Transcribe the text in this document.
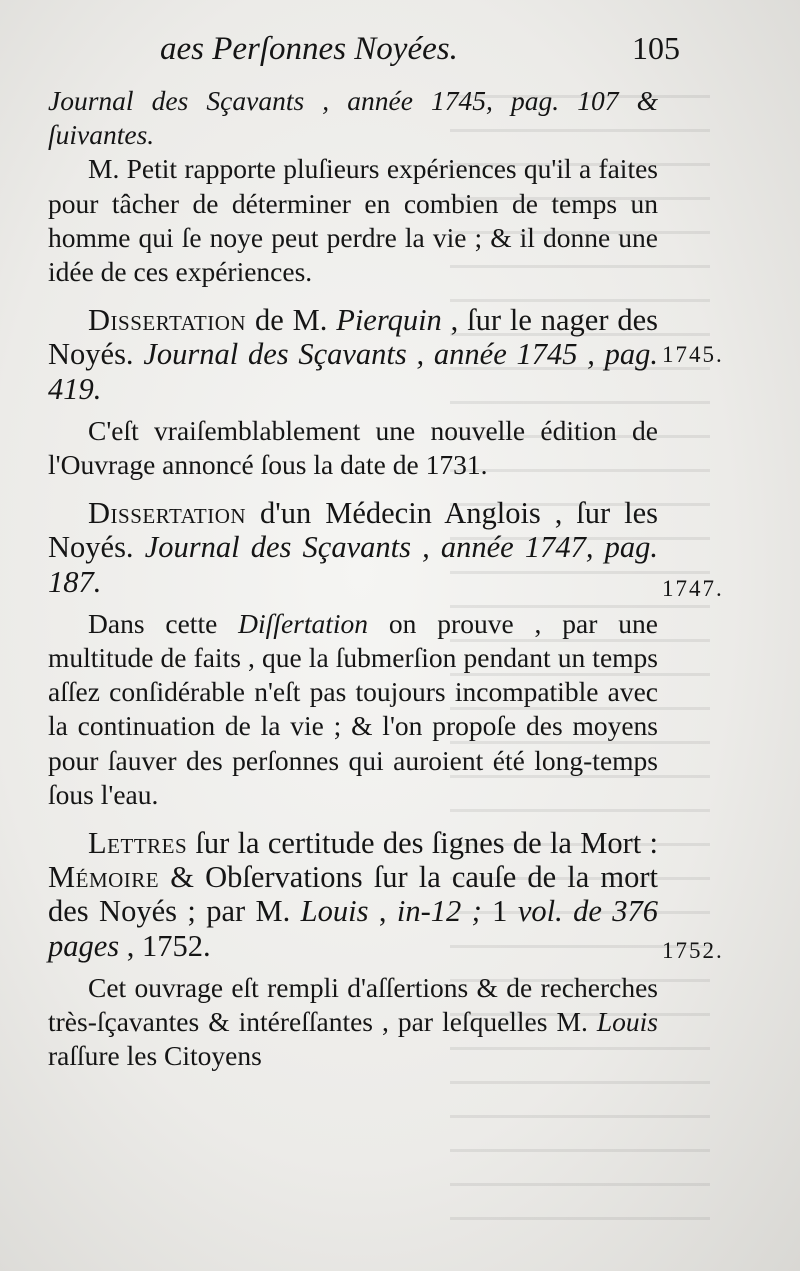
aes Perſonnes Noyées.	105

Journal des Sçavants , année 1745, pag. 107 & ſuivantes.

M. Petit rapporte pluſieurs expériences qu'il a faites pour tâcher de déterminer en combien de temps un homme qui ſe noye peut perdre la vie ; & il donne une idée de ces expériences.

Dissertation de M. Pierquin , ſur le nager des Noyés. Journal des Sçavants , année 1745 , pag. 419.

C'eſt vraiſemblablement une nouvelle édition de l'Ouvrage annoncé ſous la date de 1731.

Dissertation d'un Médecin Anglois , ſur les Noyés. Journal des Sçavants , année 1747, pag. 187.

Dans cette Diſſertation on prouve , par une multitude de faits , que la ſubmerſion pendant un temps aſſez conſidérable n'eſt pas toujours incompatible avec la continuation de la vie ; & l'on propoſe des moyens pour ſauver des perſonnes qui auroient été long-temps ſous l'eau.

Lettres ſur la certitude des ſignes de la Mort : Mémoire & Obſervations ſur la cauſe de la mort des Noyés ; par M. Louis , in-12 ; 1 vol. de 376 pages , 1752.

Cet ouvrage eſt rempli d'aſſertions & de recherches très-ſçavantes & intéreſſantes , par leſquelles M. Louis raſſure les Citoyens

1745.
1747.
1752.
